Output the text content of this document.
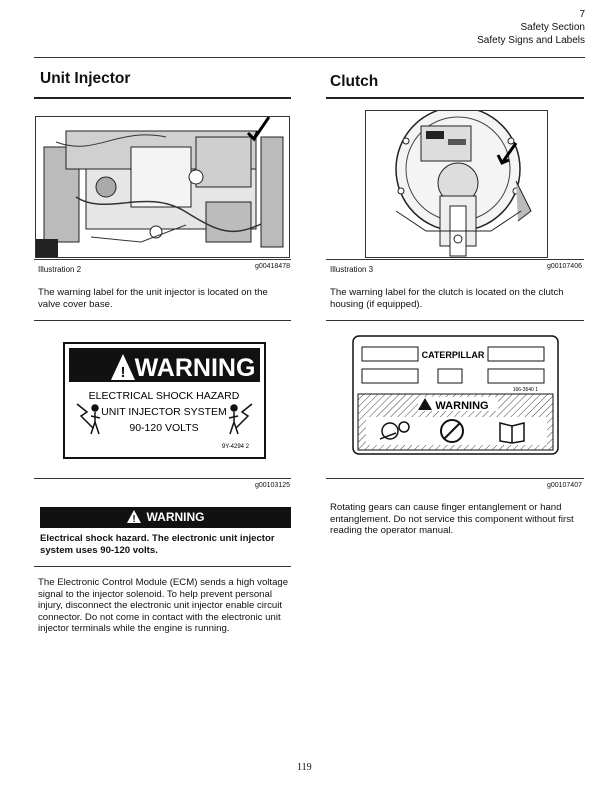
7
Safety Section
Safety Signs and Labels
Unit Injector
Illustration 2	g00418478
The warning label for the unit injector is located on the valve cover base.
! WARNING
ELECTRICAL SHOCK HAZARD
UNIT INJECTOR SYSTEM
90-120 VOLTS
9Y-4294 2
g00103125
! WARNING
Electrical shock hazard. The electronic unit injector system uses 90-120 volts.
The Electronic Control Module (ECM) sends a high voltage signal to the injector solenoid. To help prevent personal injury, disconnect the electronic unit injector enable circuit connector. Do not come in contact with the electronic unit injector terminals while the engine is running.
Clutch
Illustration 3	g00107406
The warning label for the clutch is located on the clutch housing (if equipped).
CATERPILLAR
166-3540 1
WARNING
g00107407
Rotating gears can cause finger entanglement or hand entanglement. Do not service this component without first reading the operator manual.
119
